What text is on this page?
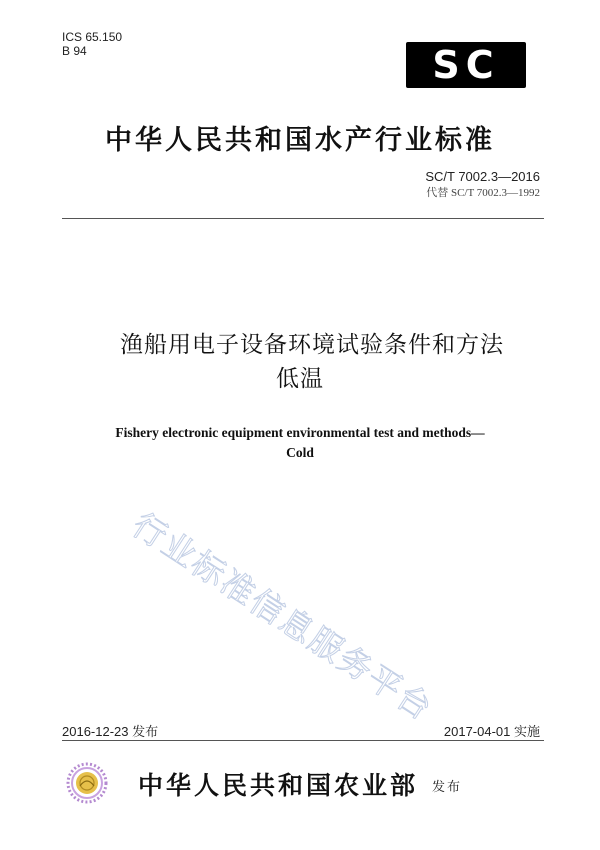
ICS 65.150
B 94	SC
中华人民共和国水产行业标准
SC/T 7002.3—2016
代替 SC/T 7002.3—1992
渔船用电子设备环境试验条件和方法
低温
Fishery electronic equipment environmental test and methods—
Cold
行业标准信息服务平台
2016-12-23 发布	2017-04-01 实施
中华人民共和国农业部 发布
